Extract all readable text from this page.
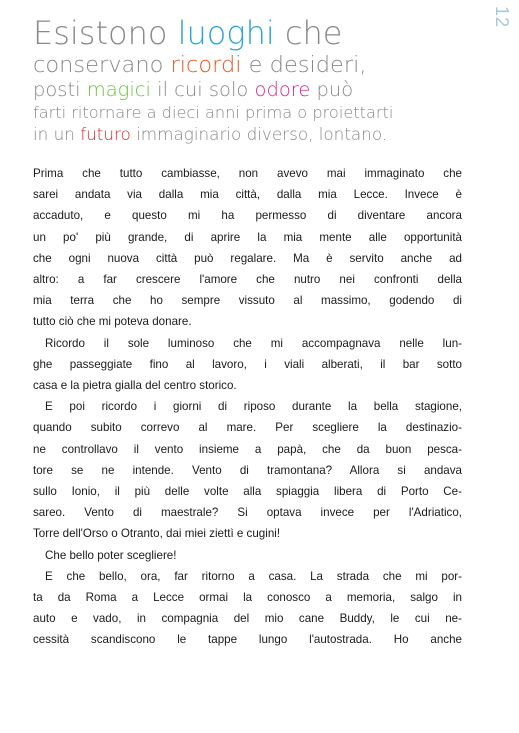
12
Esistono luoghi che
conservano ricordi e desideri,
posti magici il cui solo odore può
farti ritornare a dieci anni prima o proiettarti
in un futuro immaginario diverso, lontano.
Prima che tutto cambiasse, non avevo mai immaginato che
sarei andata via dalla mia città, dalla mia Lecce. Invece è
accaduto, e questo mi ha permesso di diventare ancora
un po' più grande, di aprire la mia mente alle opportunità
che ogni nuova città può regalare. Ma è servito anche ad
altro: a far crescere l'amore che nutro nei confronti della
mia terra che ho sempre vissuto al massimo, godendo di
tutto ciò che mi poteva donare.
Ricordo il sole luminoso che mi accompagnava nelle lun-
ghe passeggiate fino al lavoro, i viali alberati, il bar sotto
casa e la pietra gialla del centro storico.
E poi ricordo i giorni di riposo durante la bella stagione,
quando subito correvo al mare. Per scegliere la destinazio-
ne controllavo il vento insieme a papà, che da buon pesca-
tore se ne intende. Vento di tramontana? Allora si andava
sullo Ionio, il più delle volte alla spiaggia libera di Porto Ce-
sareo. Vento di maestrale? Si optava invece per l'Adriatico,
Torre dell'Orso o Otranto, dai miei ziettì e cugini!
Che bello poter scegliere!
E che bello, ora, far ritorno a casa. La strada che mi por-
ta da Roma a Lecce ormai la conosco a memoria, salgo in
auto e vado, in compagnia del mio cane Buddy, le cui ne-
cessità scandiscono le tappe lungo l'autostrada. Ho anche
